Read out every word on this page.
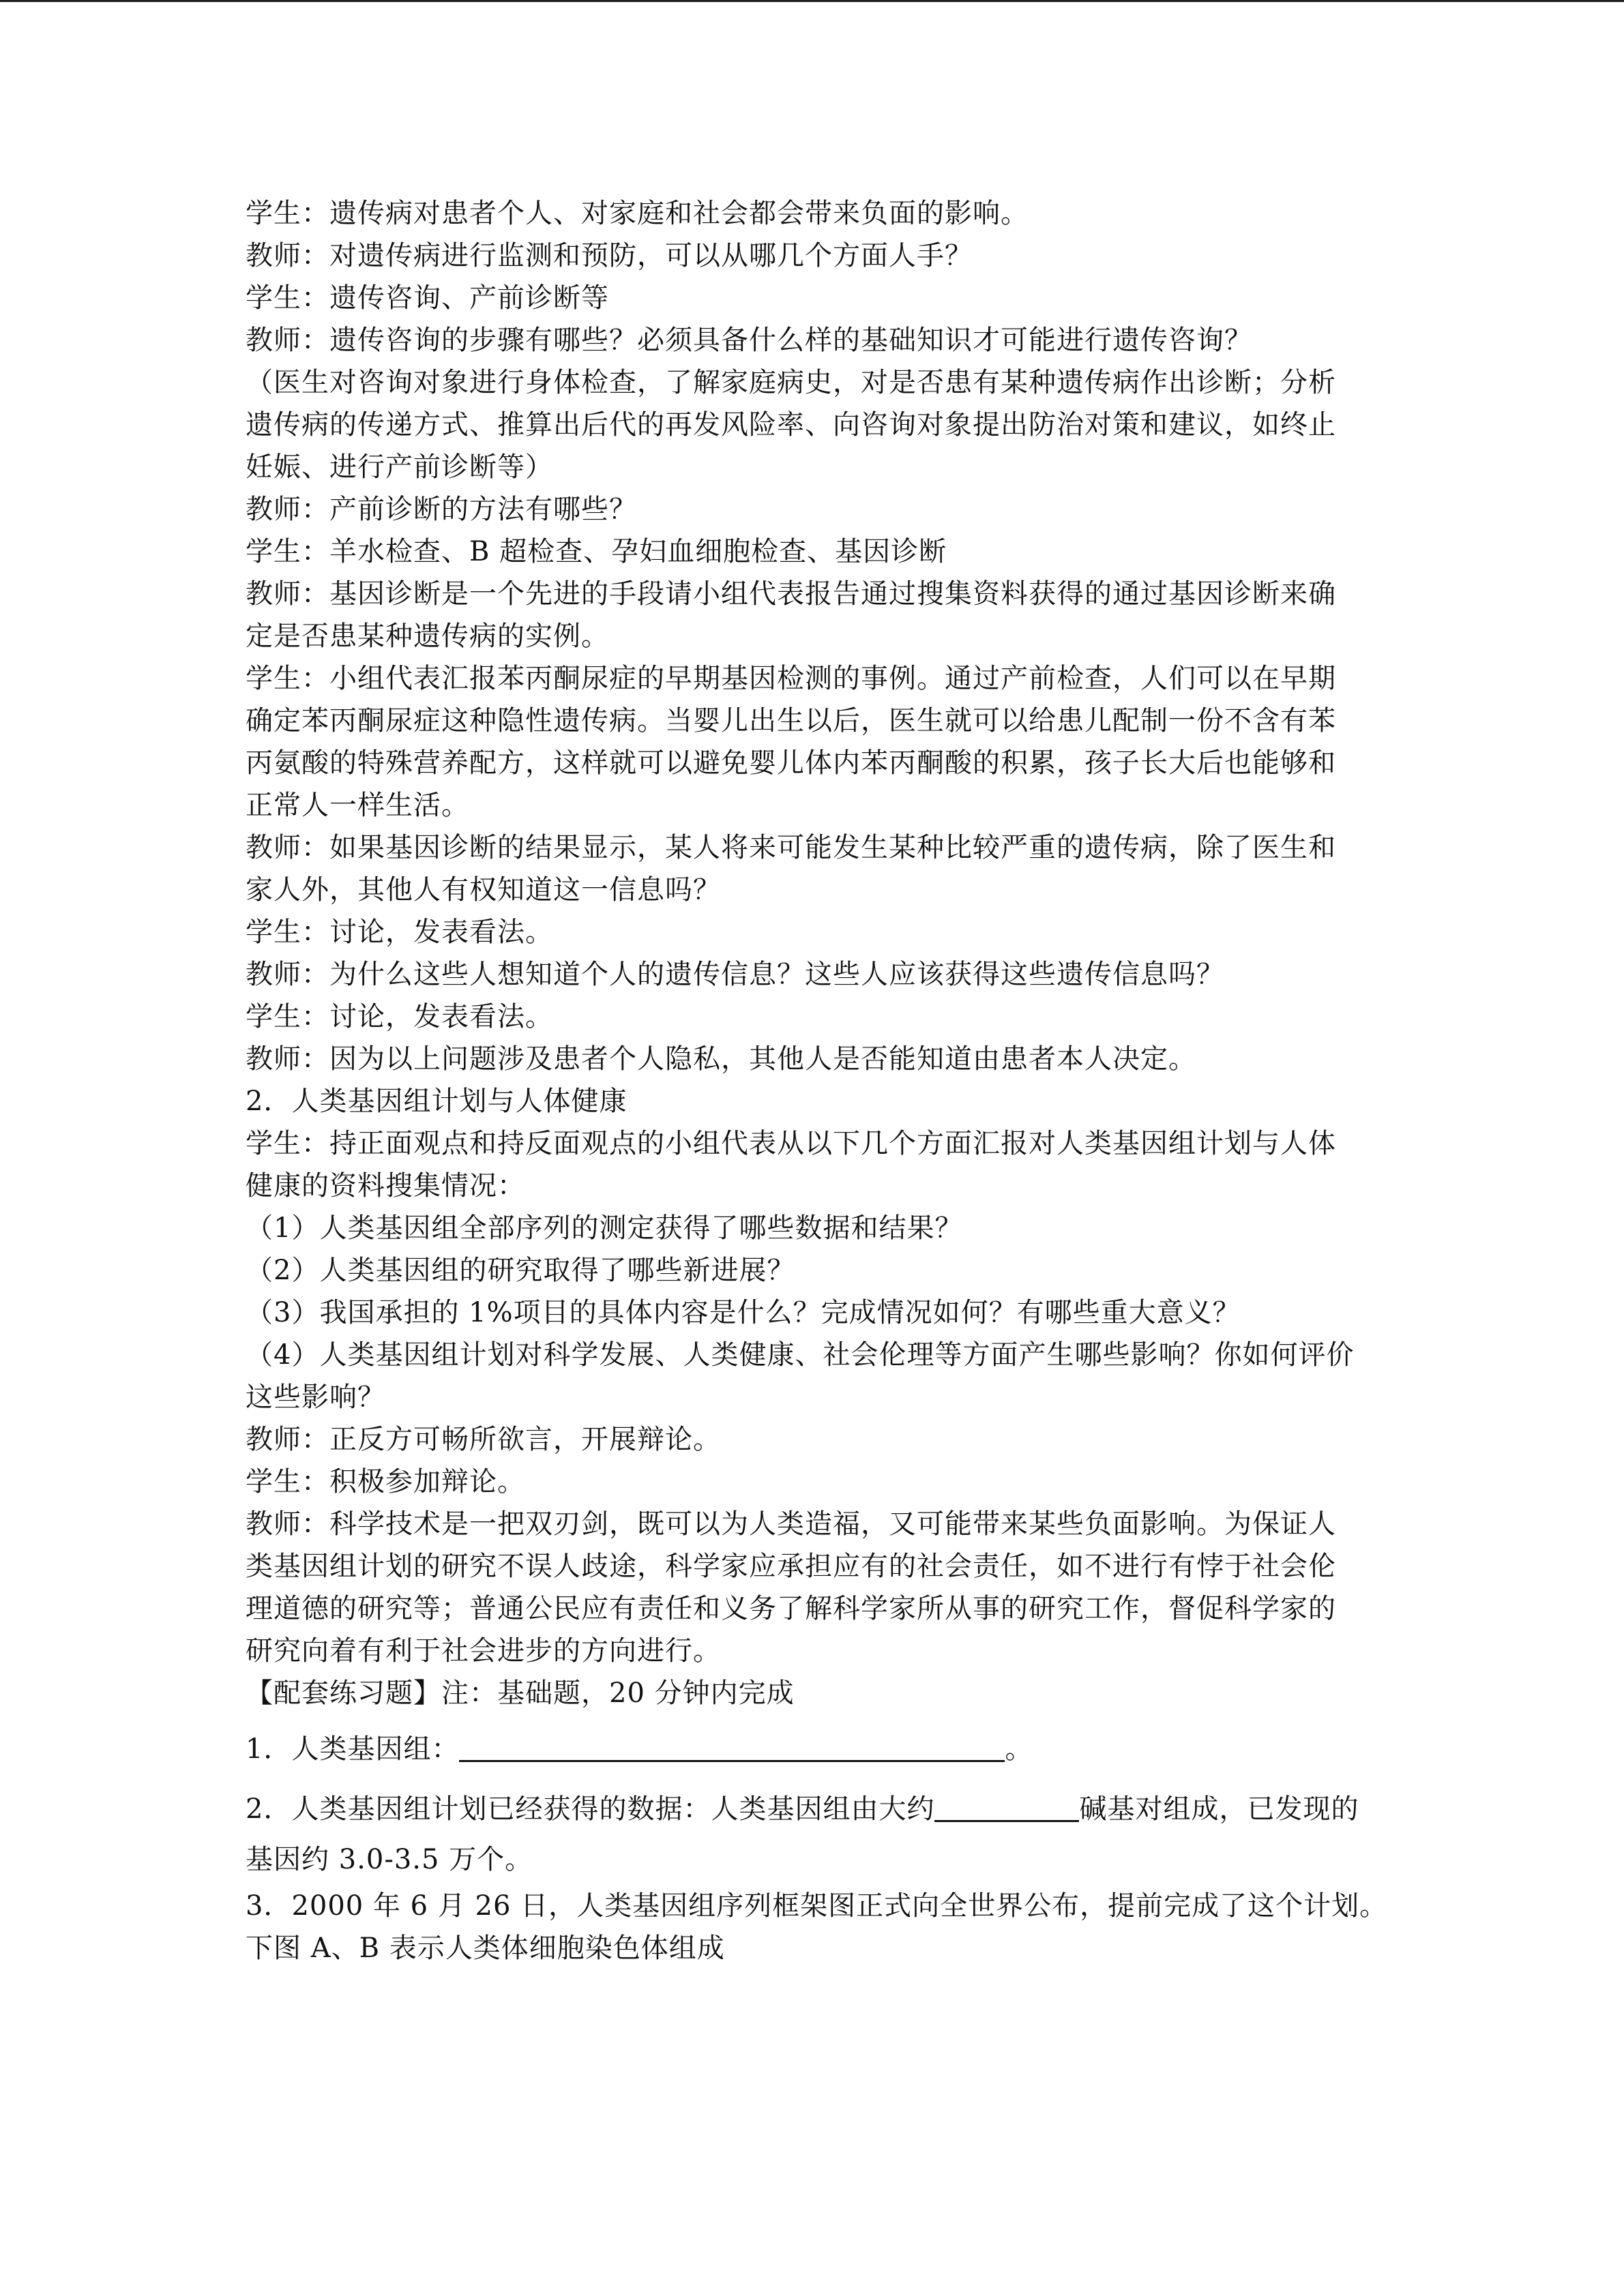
学生：遗传病对患者个人、对家庭和社会都会带来负面的影响。
教师：对遗传病进行监测和预防，可以从哪几个方面人手？
学生：遗传咨询、产前诊断等
教师：遗传咨询的步骤有哪些？必须具备什么样的基础知识才可能进行遗传咨询？
（医生对咨询对象进行身体检查，了解家庭病史，对是否患有某种遗传病作出诊断；分析
遗传病的传递方式、推算出后代的再发风险率、向咨询对象提出防治对策和建议，如终止
妊娠、进行产前诊断等）
教师：产前诊断的方法有哪些？
学生：羊水检查、B 超检查、孕妇血细胞检查、基因诊断
教师：基因诊断是一个先进的手段请小组代表报告通过搜集资料获得的通过基因诊断来确
定是否患某种遗传病的实例。
学生：小组代表汇报苯丙酮尿症的早期基因检测的事例。通过产前检查，人们可以在早期
确定苯丙酮尿症这种隐性遗传病。当婴儿出生以后，医生就可以给患儿配制一份不含有苯
丙氨酸的特殊营养配方，这样就可以避免婴儿体内苯丙酮酸的积累，孩子长大后也能够和
正常人一样生活。
教师：如果基因诊断的结果显示，某人将来可能发生某种比较严重的遗传病，除了医生和
家人外，其他人有权知道这一信息吗？
学生：讨论，发表看法。
教师：为什么这些人想知道个人的遗传信息？这些人应该获得这些遗传信息吗？
学生：讨论，发表看法。
教师：因为以上问题涉及患者个人隐私，其他人是否能知道由患者本人决定。
2．人类基因组计划与人体健康
学生：持正面观点和持反面观点的小组代表从以下几个方面汇报对人类基因组计划与人体
健康的资料搜集情况：
（1）人类基因组全部序列的测定获得了哪些数据和结果？
（2）人类基因组的研究取得了哪些新进展？
（3）我国承担的 1%项目的具体内容是什么？完成情况如何？有哪些重大意义？
（4）人类基因组计划对科学发展、人类健康、社会伦理等方面产生哪些影响？你如何评价
这些影响？
教师：正反方可畅所欲言，开展辩论。
学生：积极参加辩论。
教师：科学技术是一把双刃剑，既可以为人类造福，又可能带来某些负面影响。为保证人
类基因组计划的研究不误人歧途，科学家应承担应有的社会责任，如不进行有悖于社会伦
理道德的研究等；普通公民应有责任和义务了解科学家所从事的研究工作，督促科学家的
研究向着有利于社会进步的方向进行。
【配套练习题】注：基础题，20 分钟内完成
1．人类基因组：	。
2．人类基因组计划已经获得的数据：人类基因组由大约	碱基对组成，已发现的
基因约 3.0-3.5 万个。
3．2000 年 6 月 26 日，人类基因组序列框架图正式向全世界公布，提前完成了这个计划。
下图 A、B 表示人类体细胞染色体组成
